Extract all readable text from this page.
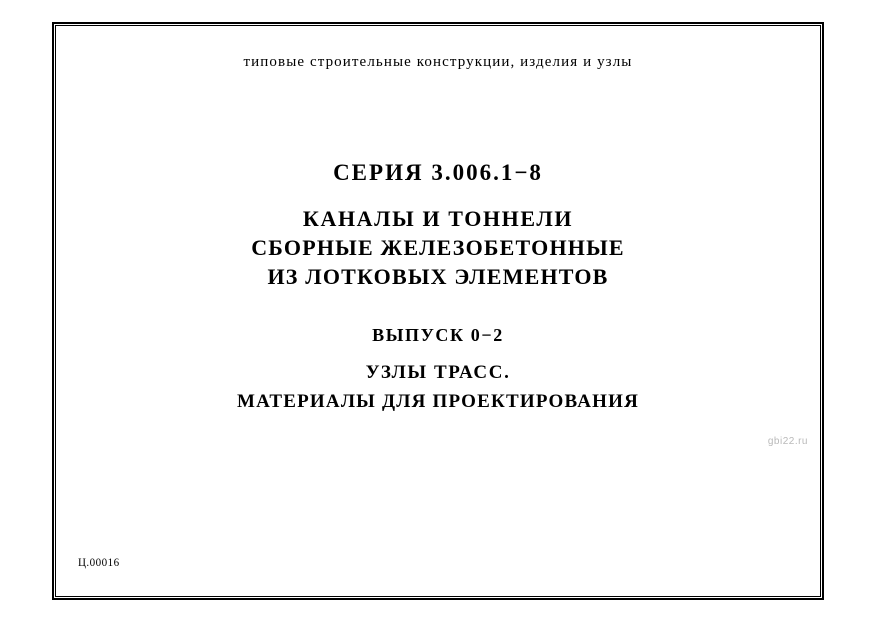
типовые строительные конструкции, изделия и узлы
СЕРИЯ 3.006.1−8
КАНАЛЫ И ТОННЕЛИ
СБОРНЫЕ ЖЕЛЕЗОБЕТОННЫЕ
ИЗ ЛОТКОВЫХ ЭЛЕМЕНТОВ
ВЫПУСК 0−2
УЗЛЫ ТРАСС.
МАТЕРИАЛЫ ДЛЯ ПРОЕКТИРОВАНИЯ
gbi22.ru
Ц.00016
